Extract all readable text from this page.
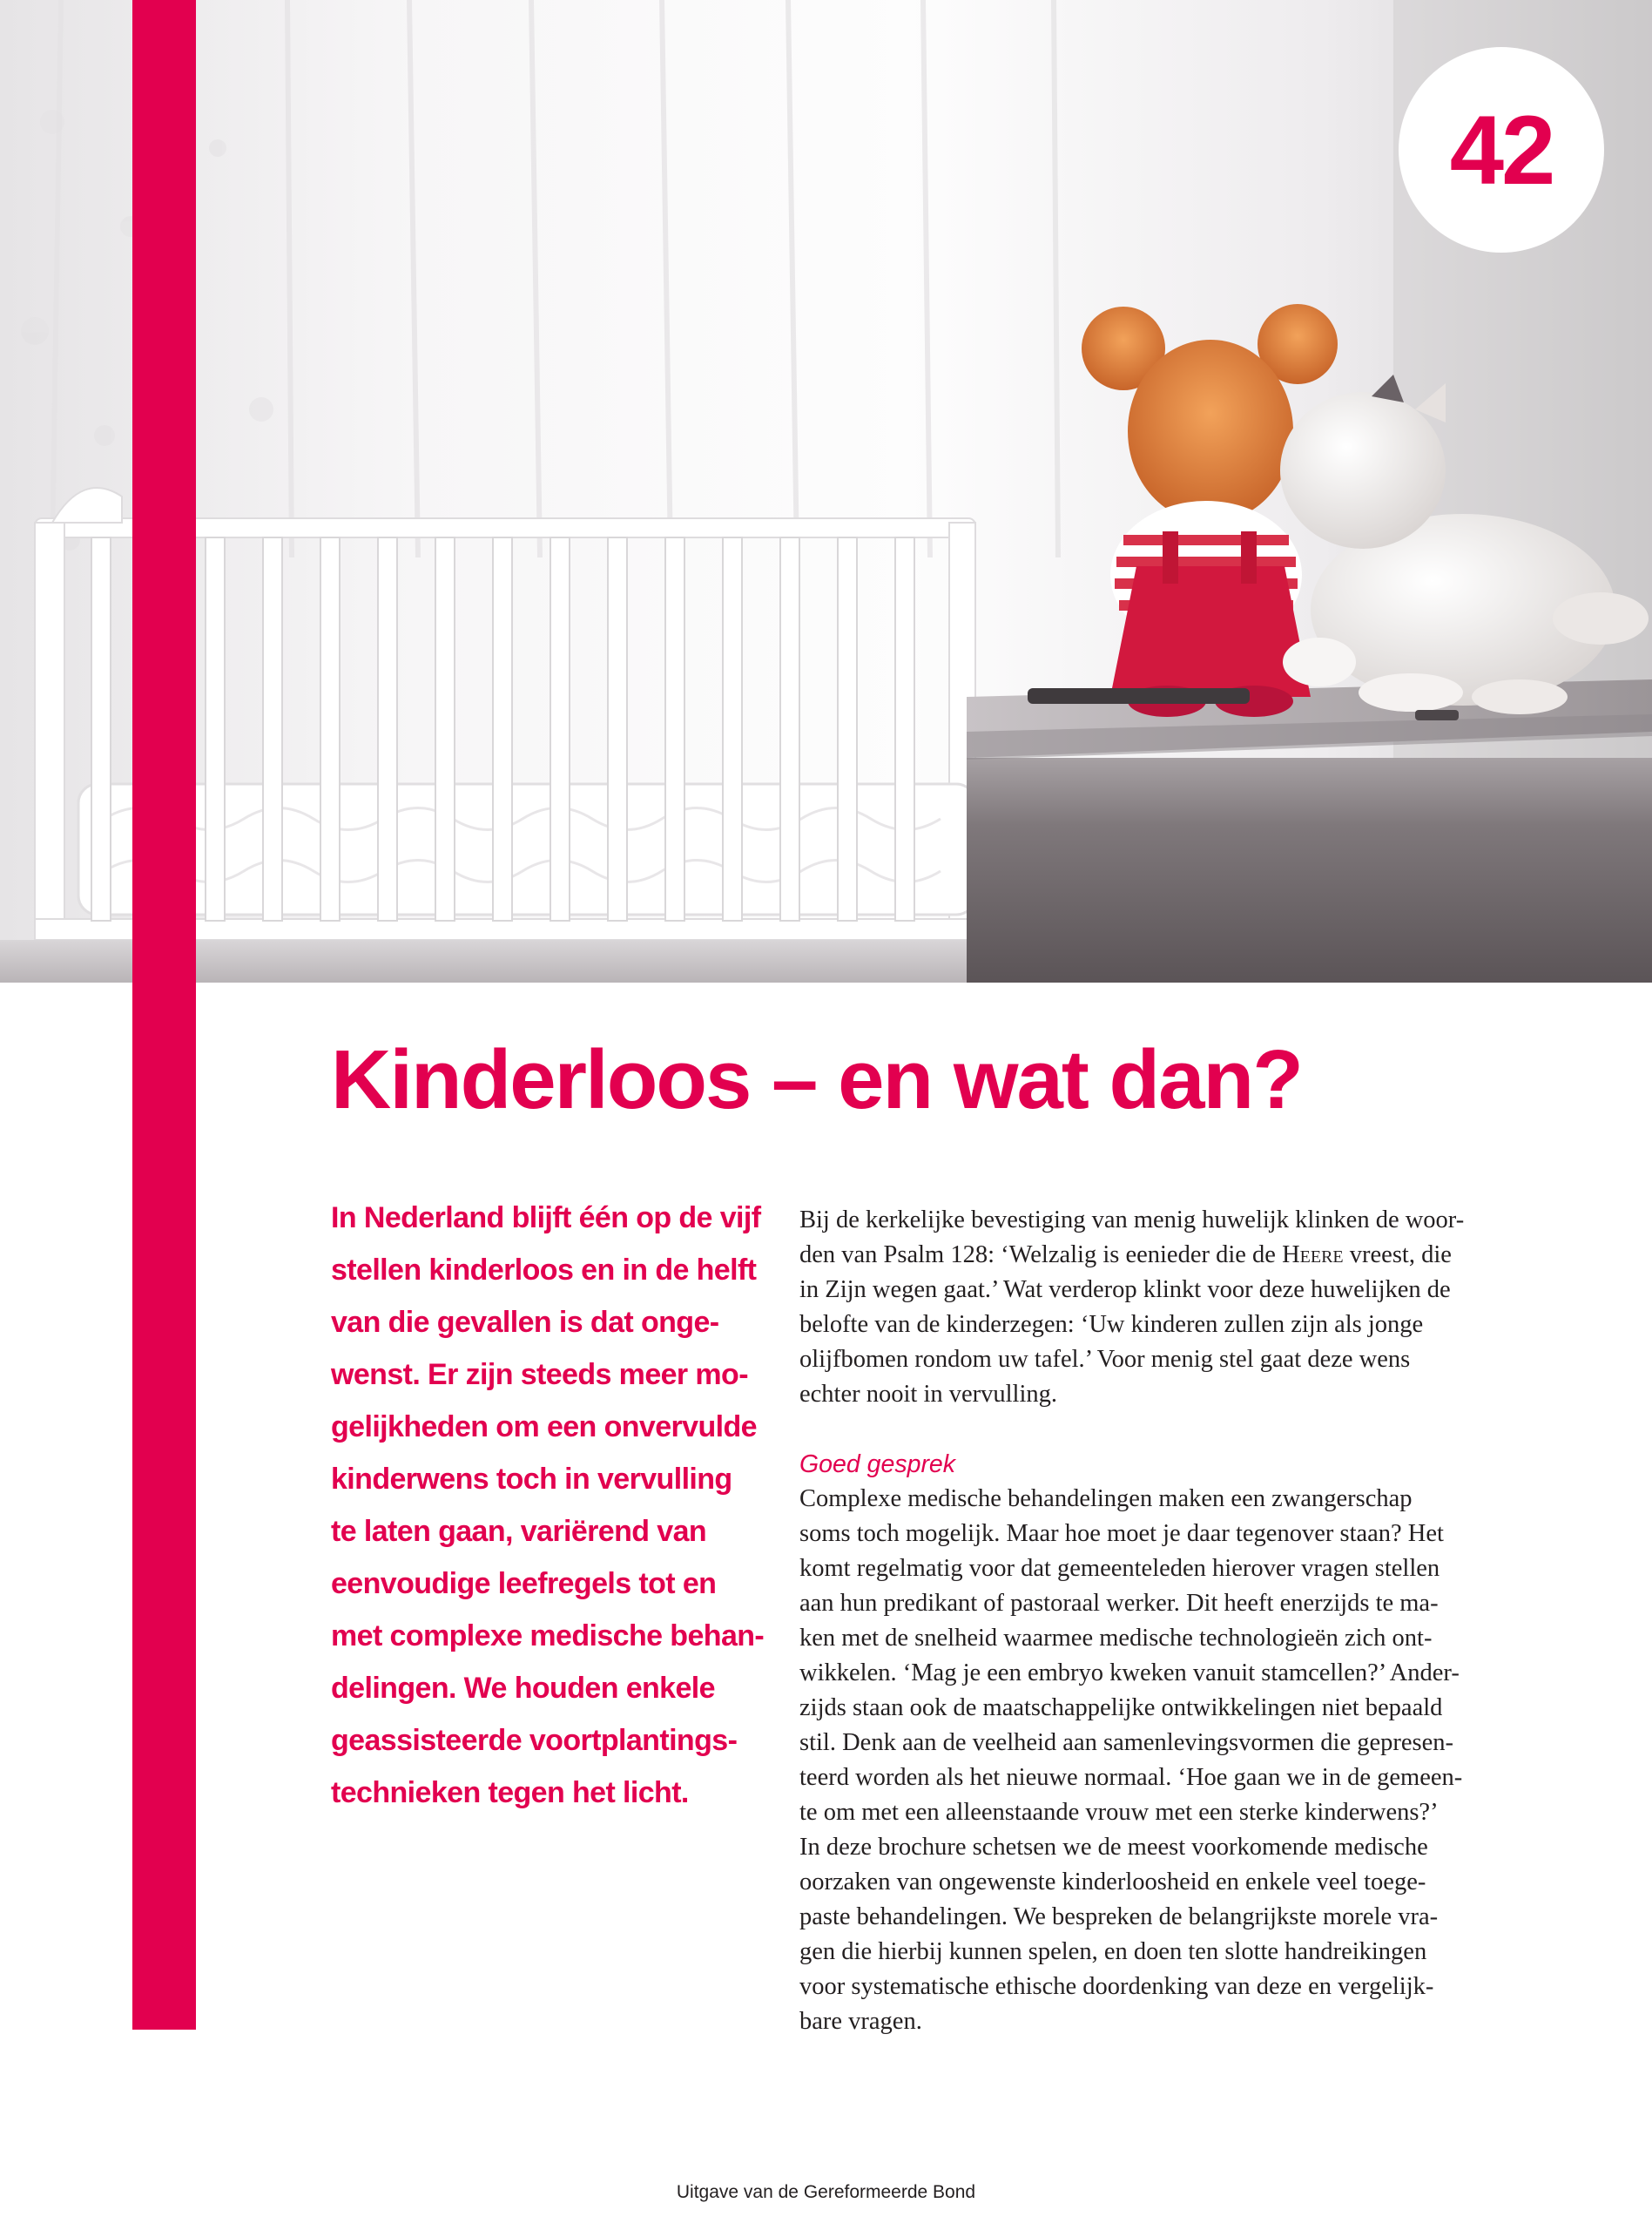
42
Kinderloos – en wat dan?
In Nederland blijft één op de vijf
stellen kinderloos en in de helft
van die gevallen is dat onge-
wenst. Er zijn steeds meer mo-
gelijkheden om een onvervulde
kinderwens toch in vervulling
te laten gaan, variërend van
eenvoudige leefregels tot en
met complexe medische behan-
delingen. We houden enkele
geassisteerde voortplantings-
technieken tegen het licht.
Bij de kerkelijke bevestiging van menig huwelijk klinken de woor-
den van Psalm 128: ‘Welzalig is eenieder die de Heere vreest, die
in Zijn wegen gaat.’ Wat verderop klinkt voor deze huwelijken de
belofte van de kinderzegen: ‘Uw kinderen zullen zijn als jonge
olijfbomen rondom uw tafel.’ Voor menig stel gaat deze wens
echter nooit in vervulling.
Goed gesprek
Complexe medische behandelingen maken een zwangerschap
soms toch mogelijk. Maar hoe moet je daar tegenover staan? Het
komt regelmatig voor dat gemeenteleden hierover vragen stellen
aan hun predikant of pastoraal werker. Dit heeft enerzijds te ma-
ken met de snelheid waarmee medische technologieën zich ont-
wikkelen. ‘Mag je een embryo kweken vanuit stamcellen?’ Ander-
zijds staan ook de maatschappelijke ontwikkelingen niet bepaald
stil. Denk aan de veelheid aan samenlevingsvormen die gepresen-
teerd worden als het nieuwe normaal. ‘Hoe gaan we in de gemeen-
te om met een alleenstaande vrouw met een sterke kinderwens?’
In deze brochure schetsen we de meest voorkomende medische
oorzaken van ongewenste kinderloosheid en enkele veel toege-
paste behandelingen. We bespreken de belangrijkste morele vra-
gen die hierbij kunnen spelen, en doen ten slotte handreikingen
voor systematische ethische doordenking van deze en vergelijk-
bare vragen.
Uitgave van de Gereformeerde Bond
